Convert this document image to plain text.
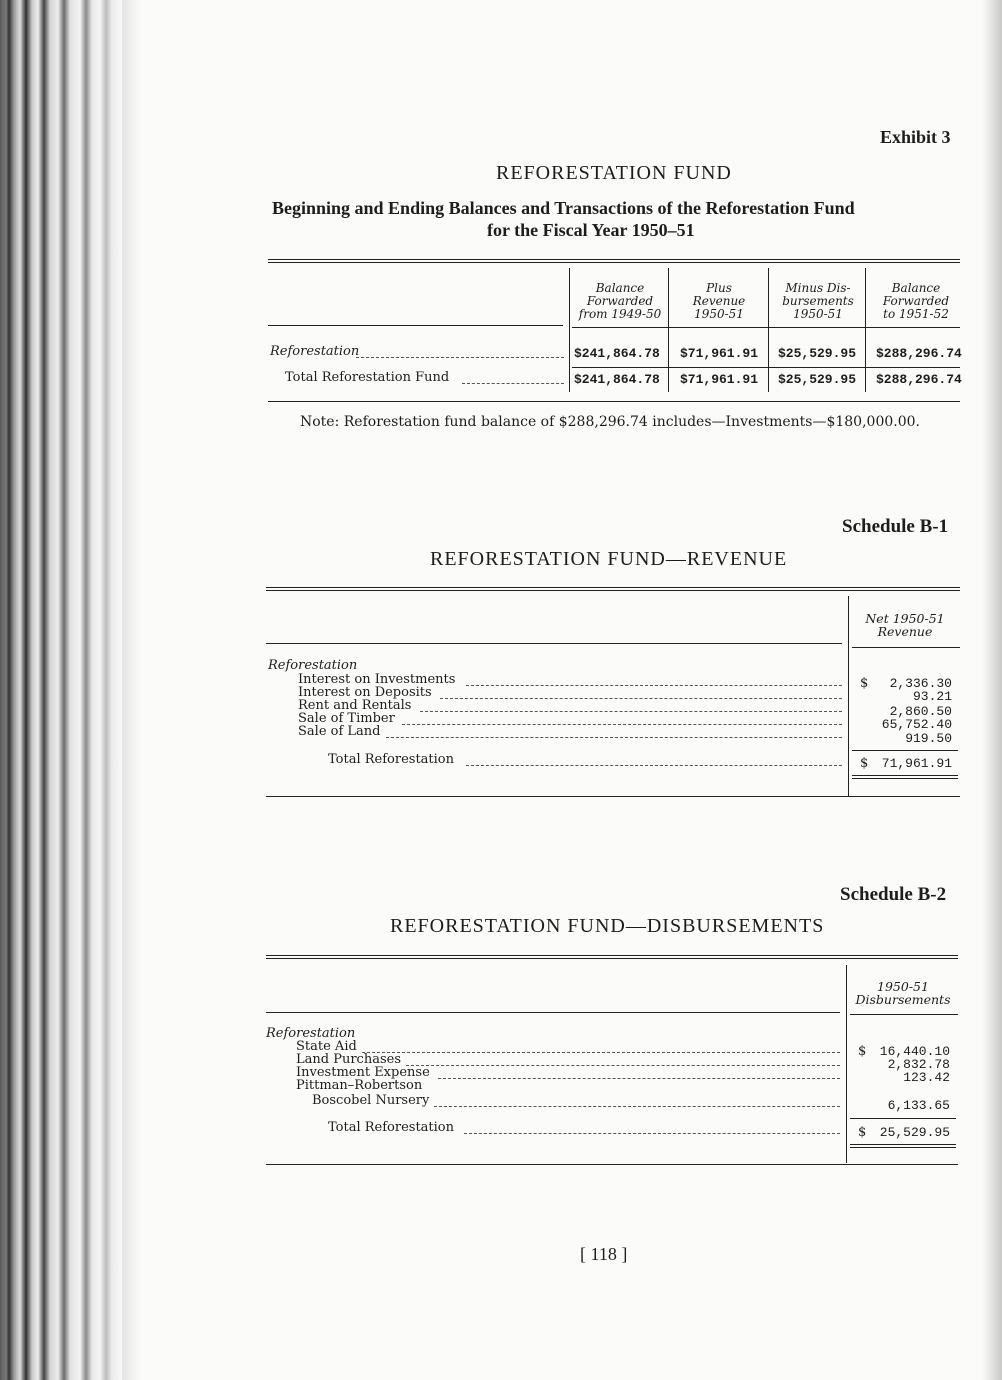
Exhibit 3
REFORESTATION FUND
Beginning and Ending Balances and Transactions of the Reforestation Fund
for the Fiscal Year 1950–51
Balance
Forwarded
from 1949-50
Plus
Revenue
1950-51
Minus Dis-
bursements
1950-51
Balance
Forwarded
to 1951-52
Reforestation	$241,864.78 $71,961.91 $25,529.95 $288,296.74
Total Reforestation Fund	$241,864.78 $71,961.91 $25,529.95 $288,296.74
Note: Reforestation fund balance of $288,296.74 includes—Investments—$180,000.00.
Schedule B-1
REFORESTATION FUND—REVENUE
Net 1950-51
Revenue
Reforestation
Interest on Investments	$	2,336.30
Interest on Deposits	93.21
Rent and Rentals	2,860.50
Sale of Timber	65,752.40
Sale of Land	919.50
Total Reforestation	$	71,961.91
Schedule B-2
REFORESTATION FUND—DISBURSEMENTS
1950-51
Disbursements
Reforestation
State Aid	$	16,440.10
Land Purchases	2,832.78
Investment Expense	123.42
Pittman–Robertson
Boscobel Nursery	6,133.65
Total Reforestation	$	25,529.95
[ 118 ]
